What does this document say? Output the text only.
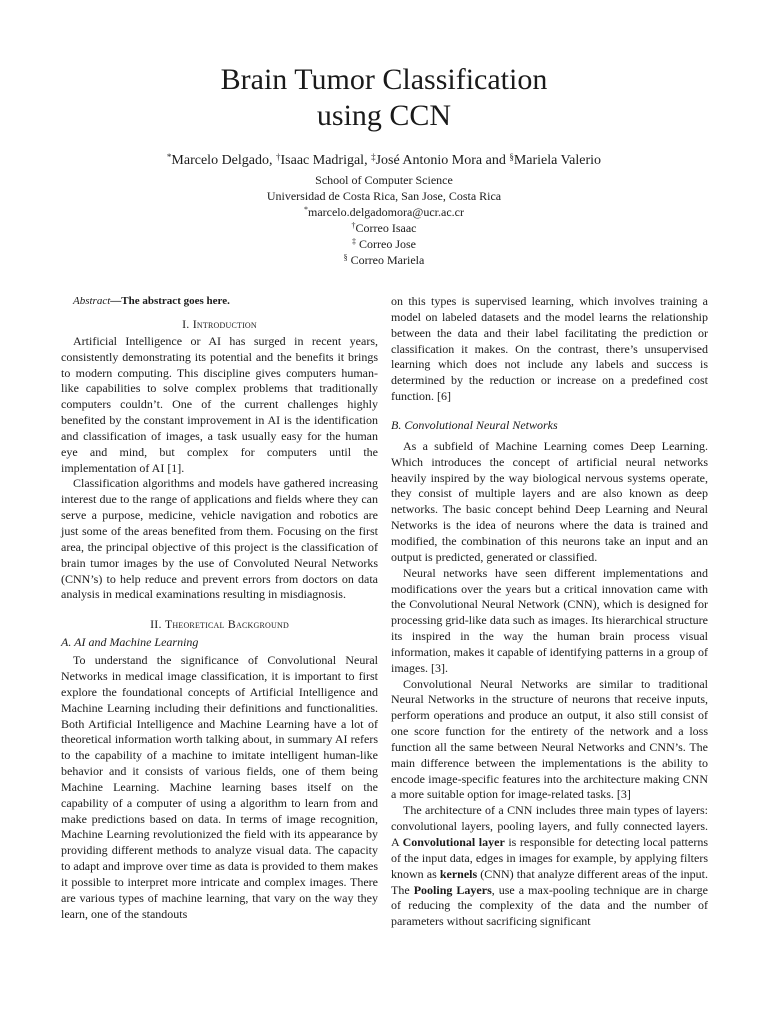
Brain Tumor Classification
using CCN
*Marcelo Delgado, †Isaac Madrigal, ‡José Antonio Mora and §Mariela Valerio
School of Computer Science
Universidad de Costa Rica, San Jose, Costa Rica
*marcelo.delgadomora@ucr.ac.cr
†Correo Isaac
‡ Correo Jose
§ Correo Mariela

Abstract—The abstract goes here.

I. Introduction

Artificial Intelligence or AI has surged in recent years, consistently demonstrating its potential and the benefits it brings to modern computing. This discipline gives computers human-like capabilities to solve complex problems that traditionally computers couldn’t. One of the current challenges highly benefited by the constant improvement in AI is the identification and classification of images, a task usually easy for the human eye and mind, but complex for computers until the implementation of AI [1].

Classification algorithms and models have gathered increasing interest due to the range of applications and fields where they can serve a purpose, medicine, vehicle navigation and robotics are just some of the areas benefited from them. Focusing on the first area, the principal objective of this project is the classification of brain tumor images by the use of Convoluted Neural Networks (CNN’s) to help reduce and prevent errors from doctors on data analysis in medical examinations resulting in misdiagnosis.

II. Theoretical Background
A. AI and Machine Learning

To understand the significance of Convolutional Neural Networks in medical image classification, it is important to first explore the foundational concepts of Artificial Intelligence and Machine Learning including their definitions and functionalities. Both Artificial Intelligence and Machine Learning have a lot of theoretical information worth talking about, in summary AI refers to the capability of a machine to imitate intelligent human-like behavior and it consists of various fields, one of them being Machine Learning. Machine learning bases itself on the capability of a computer of using a algorithm to learn from and make predictions based on data. In terms of image recognition, Machine Learning revolutionized the field with its appearance by providing different methods to analyze visual data. The capacity to adapt and improve over time as data is provided to them makes it possible to interpret more intricate and complex images. There are various types of machine learning, that vary on the way they learn, one of the standouts

on this types is supervised learning, which involves training a model on labeled datasets and the model learns the relationship between the data and their label facilitating the prediction or classification it makes. On the contrast, there’s unsupervised learning which does not include any labels and success is determined by the reduction or increase on a predefined cost function. [6]

B. Convolutional Neural Networks

As a subfield of Machine Learning comes Deep Learning. Which introduces the concept of artificial neural networks heavily inspired by the way biological nervous systems operate, they consist of multiple layers and are also known as deep networks. The basic concept behind Deep Learning and Neural Networks is the idea of neurons where the data is trained and modified, the combination of this neurons take an input and an output is predicted, generated or classified.

Neural networks have seen different implementations and modifications over the years but a critical innovation came with the Convolutional Neural Network (CNN), which is designed for processing grid-like data such as images. Its hierarchical structure its inspired in the way the human brain process visual information, makes it capable of identifying patterns in a group of images. [3].

Convolutional Neural Networks are similar to traditional Neural Networks in the structure of neurons that receive inputs, perform operations and produce an output, it also still consist of one score function for the entirety of the network and a loss function all the same between Neural Networks and CNN’s. The main difference between the implementations is the ability to encode image-specific features into the architecture making CNN a more suitable option for image-related tasks. [3]

The architecture of a CNN includes three main types of layers: convolutional layers, pooling layers, and fully connected layers. A Convolutional layer is responsible for detecting local patterns of the input data, edges in images for example, by applying filters known as kernels (CNN) that analyze different areas of the input. The Pooling Layers, use a max-pooling technique are in charge of reducing the complexity of the data and the number of parameters without sacrificing significant
